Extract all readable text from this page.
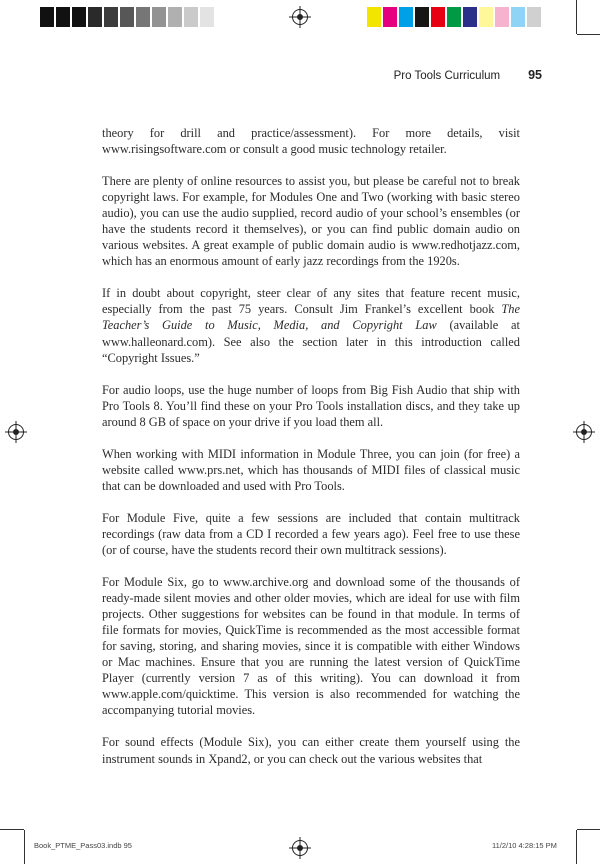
Pro Tools Curriculum 95

theory for drill and practice/assessment). For more details, visit www.risingsoftware.com or consult a good music technology retailer.

There are plenty of online resources to assist you, but please be careful not to break copyright laws. For example, for Modules One and Two (working with basic stereo audio), you can use the audio supplied, record audio of your school’s ensembles (or have the students record it themselves), or you can find public domain audio on various websites. A great example of public domain audio is www.redhotjazz.com, which has an enormous amount of early jazz recordings from the 1920s.

If in doubt about copyright, steer clear of any sites that feature recent music, especially from the past 75 years. Consult Jim Frankel’s excellent book The Teacher’s Guide to Music, Media, and Copyright Law (available at www.halleonard.com). See also the section later in this introduction called “Copyright Issues.”

For audio loops, use the huge number of loops from Big Fish Audio that ship with Pro Tools 8. You’ll find these on your Pro Tools installation discs, and they take up around 8 GB of space on your drive if you load them all.

When working with MIDI information in Module Three, you can join (for free) a website called www.prs.net, which has thousands of MIDI files of classical music that can be downloaded and used with Pro Tools.

For Module Five, quite a few sessions are included that contain multitrack recordings (raw data from a CD I recorded a few years ago). Feel free to use these (or of course, have the students record their own multitrack sessions).

For Module Six, go to www.archive.org and download some of the thousands of ready-made silent movies and other older movies, which are ideal for use with film projects. Other suggestions for websites can be found in that module. In terms of file formats for movies, QuickTime is recommended as the most accessible format for saving, storing, and sharing movies, since it is compatible with either Windows or Mac machines. Ensure that you are running the latest version of QuickTime Player (currently version 7 as of this writing). You can download it from www.apple.com/quicktime. This version is also recommended for watching the accompanying tutorial movies.

For sound effects (Module Six), you can either create them yourself using the instrument sounds in Xpand2, or you can check out the various websites that

Book_PTME_Pass03.indb 95	11/2/10 4:28:15 PM
